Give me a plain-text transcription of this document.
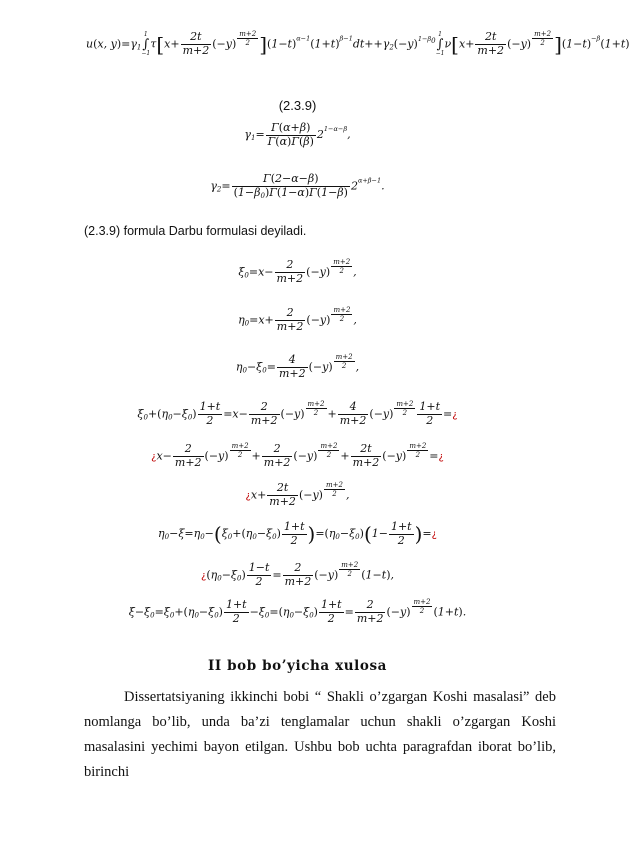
u(x, $y)=\gamma_1$
1
∫
−1
$\tau[x+ \frac{2t}{m+2} (-y)$ $^{\frac{m+2}{2}}$ ]$(1-t)^{\alpha-1}(1+t)^{\beta-1}dt++\gamma_2(-y)^{1-\beta_0}$
1
∫
−1
$\nu[x+ \frac{2t}{m+2} (-y)$ $^{\frac{m+2}{2}}$ ]$(1-t)^{-\beta}(1+t)$
(2.3.9)
$\gamma_1= \frac{\Gamma(\alpha+\beta)}{\Gamma(\alpha)\Gamma(\beta)} 2^{1-\alpha-\beta}$,
$\gamma_2= \frac{\Gamma(2-\alpha-\beta)}{(1-\beta_0)\Gamma(1-\alpha)\Gamma(1-\beta)} 2^{\alpha+\beta-1}$.
(2.3.9) formula Darbu formulasi deyiladi.
$\xi_0=x- \frac{2}{m+2} (-y)$ $^{\frac{m+2}{2}}$ ,
$\eta_0=x+ \frac{2}{m+2} (-y)$ $^{\frac{m+2}{2}}$ ,
$\eta_0-\xi_0= \frac{4}{m+2} (-y)$ $^{\frac{m+2}{2}}$ ,
$\xi_0+(\eta_0-\xi_0) \frac{1+t}{2} =x- \frac{2}{m+2} (-y) ^{\frac{m+2}{2}} + \frac{4}{m+2} (-y)$ $^{\frac{m+2}{2}} \frac{1+t}{2}$ =¿
¿$x- \frac{2}{m+2} (-y) ^{\frac{m+2}{2}} + \frac{2}{m+2} (-y) ^{\frac{m+2}{2}} + \frac{2t}{m+2} (-y)$ $^{\frac{m+2}{2}}$ =¿
¿$x+ \frac{2t}{m+2} (-y)$ $^{\frac{m+2}{2}}$ ,
$\eta_0-\xi=\eta_0-(\xi_0+(\eta_0-\xi_0) \frac{1+t}{2} )=(\eta_0-\xi_0)(1- \frac{1+t}{2}$ )=¿
¿$(\eta_0-\xi_0) \frac{1-t}{2} = \frac{2}{m+2} (-y)$ $^{\frac{m+2}{2}}$ (1−t),
$\xi-\xi_0=\xi_0+(\eta_0-\xi_0) \frac{1+t}{2} -\xi_0=(\eta_0-\xi_0) \frac{1+t}{2} = \frac{2}{m+2} (-y)$ $^{\frac{m+2}{2}}$ (1+t).
II bob bo’yicha xulosa
Dissertatsiyaning ikkinchi bobi “ Shakli o’zgargan Koshi masalasi” deb nomlanga bo’lib, unda ba’zi tenglamalar uchun shakli o’zgargan Koshi masalasini yechimi bayon etilgan. Ushbu bob uchta paragrafdan iborat bo’lib, birinchi
